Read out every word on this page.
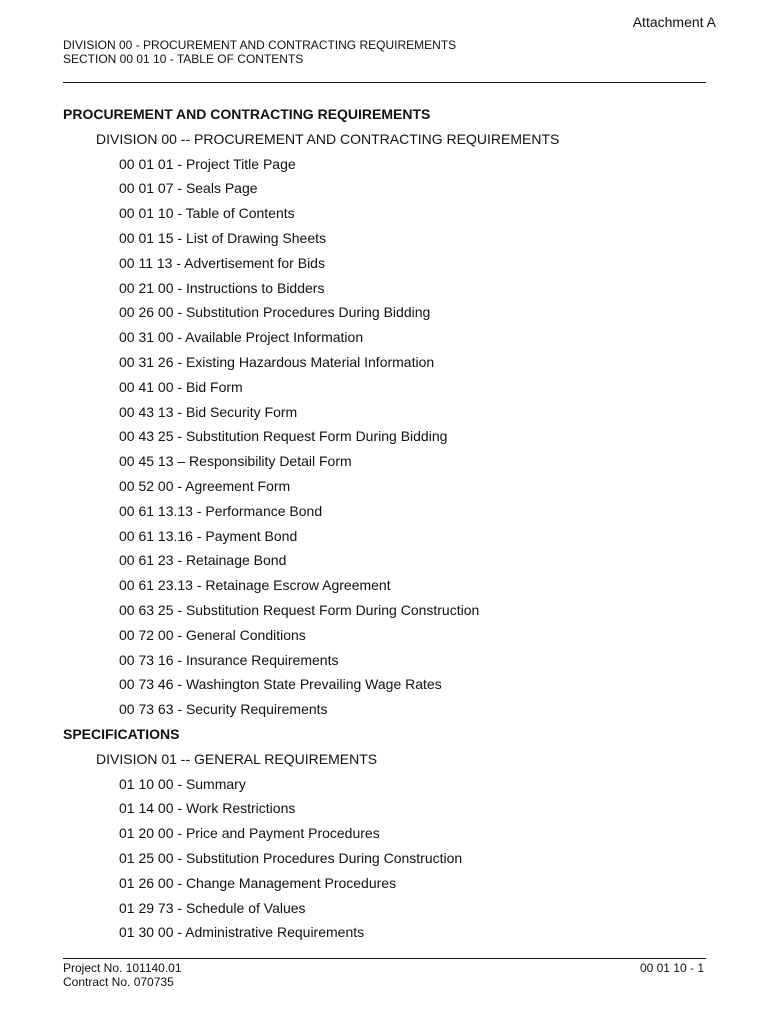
Attachment A
DIVISION 00 - PROCUREMENT AND CONTRACTING REQUIREMENTS
SECTION 00 01 10 - TABLE OF CONTENTS
PROCUREMENT AND CONTRACTING REQUIREMENTS
DIVISION 00 -- PROCUREMENT AND CONTRACTING REQUIREMENTS
00 01 01 - Project Title Page
00 01 07 - Seals Page
00 01 10 - Table of Contents
00 01 15 - List of Drawing Sheets
00 11 13 - Advertisement for Bids
00 21 00 - Instructions to Bidders
00 26 00 - Substitution Procedures During Bidding
00 31 00 - Available Project Information
00 31 26 - Existing Hazardous Material Information
00 41 00 - Bid Form
00 43 13 - Bid Security Form
00 43 25 - Substitution Request Form During Bidding
00 45 13 – Responsibility Detail Form
00 52 00 - Agreement Form
00 61 13.13 - Performance Bond
00 61 13.16 - Payment Bond
00 61 23 - Retainage Bond
00 61 23.13 - Retainage Escrow Agreement
00 63 25 - Substitution Request Form During Construction
00 72 00 - General Conditions
00 73 16 - Insurance Requirements
00 73 46 - Washington State Prevailing Wage Rates
00 73 63 - Security Requirements
SPECIFICATIONS
DIVISION 01 -- GENERAL REQUIREMENTS
01 10 00 - Summary
01 14 00 - Work Restrictions
01 20 00 - Price and Payment Procedures
01 25 00 - Substitution Procedures During Construction
01 26 00 - Change Management Procedures
01 29 73 - Schedule of Values
01 30 00 - Administrative Requirements
Project No. 101140.01
Contract No. 070735
00 01 10 - 1
